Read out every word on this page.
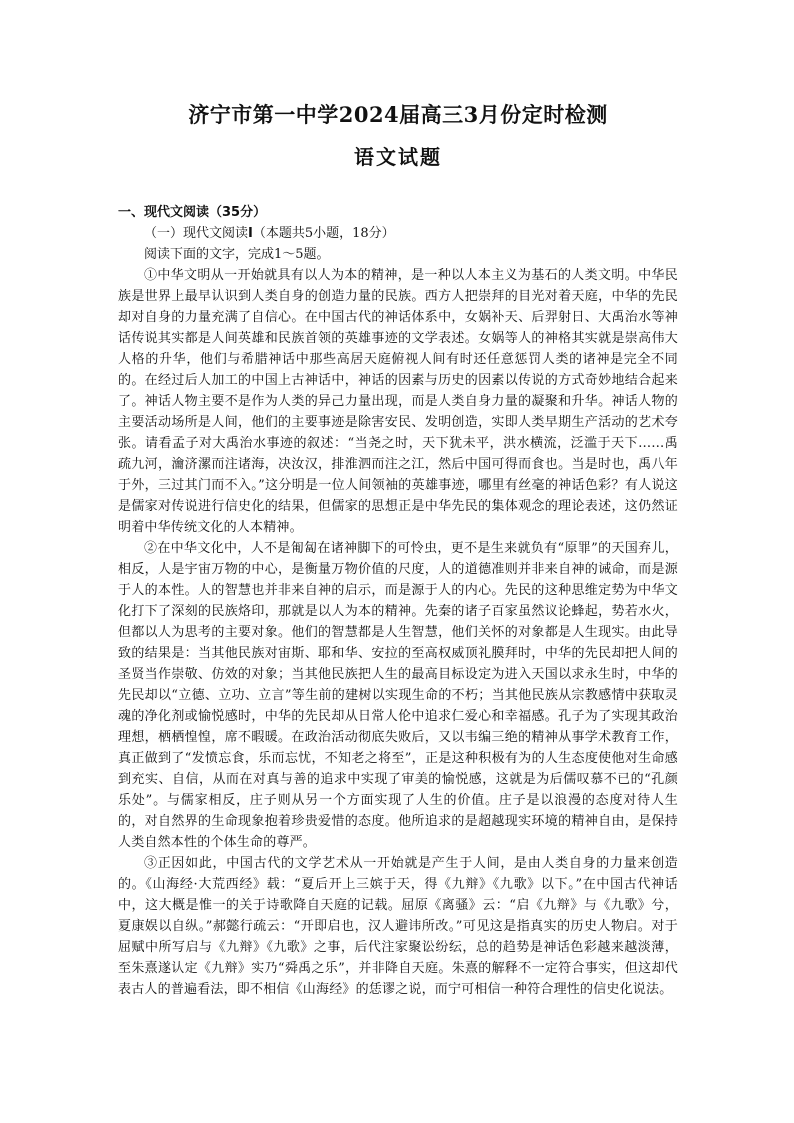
济宁市第一中学2024届高三3月份定时检测
语文试题

一、现代文阅读（35分）

（一）现代文阅读I（本题共5小题，18分）

阅读下面的文字，完成1～5题。

①中华文明从一开始就具有以人为本的精神，是一种以人本主义为基石的人类文明。中华民族是世界上最早认识到人类自身的创造力量的民族。西方人把崇拜的目光对着天庭，中华的先民却对自身的力量充满了自信心。在中国古代的神话体系中，女娲补天、后羿射日、大禹治水等神话传说其实都是人间英雄和民族首领的英雄事迹的文学表述。女娲等人的神格其实就是崇高伟大人格的升华，他们与希腊神话中那些高居天庭俯视人间有时还任意惩罚人类的诸神是完全不同的。在经过后人加工的中国上古神话中，神话的因素与历史的因素以传说的方式奇妙地结合起来了。神话人物主要不是作为人类的异己力量出现，而是人类自身力量的凝聚和升华。神话人物的主要活动场所是人间，他们的主要事迹是除害安民、发明创造，实即人类早期生产活动的艺术夸张。请看孟子对大禹治水事迹的叙述：“当尧之时，天下犹未平，洪水横流，泛滥于天下……禹疏九河，瀹济漯而注诸海，决汝汉，排淮泗而注之江，然后中国可得而食也。当是时也，禹八年于外，三过其门而不入。”这分明是一位人间领袖的英雄事迹，哪里有丝毫的神话色彩？有人说这是儒家对传说进行信史化的结果，但儒家的思想正是中华先民的集体观念的理论表述，这仍然证明着中华传统文化的人本精神。

②在中华文化中，人不是匍匐在诸神脚下的可怜虫，更不是生来就负有“原罪”的天国弃儿，相反，人是宇宙万物的中心，是衡量万物价值的尺度，人的道德准则并非来自神的诫命，而是源于人的本性。人的智慧也并非来自神的启示，而是源于人的内心。先民的这种思维定势为中华文化打下了深刻的民族烙印，那就是以人为本的精神。先秦的诸子百家虽然议论蜂起，势若水火，但都以人为思考的主要对象。他们的智慧都是人生智慧，他们关怀的对象都是人生现实。由此导致的结果是：当其他民族对宙斯、耶和华、安拉的至高权威顶礼膜拜时，中华的先民却把人间的圣贤当作崇敬、仿效的对象；当其他民族把人生的最高目标设定为进入天国以求永生时，中华的先民却以“立德、立功、立言”等生前的建树以实现生命的不朽；当其他民族从宗教感情中获取灵魂的净化剂或愉悦感时，中华的先民却从日常人伦中追求仁爱心和幸福感。孔子为了实现其政治理想，栖栖惶惶，席不暇暖。在政治活动彻底失败后，又以韦编三绝的精神从事学术教育工作，真正做到了“发愤忘食，乐而忘忧，不知老之将至”，正是这种积极有为的人生态度使他对生命感到充实、自信，从而在对真与善的追求中实现了审美的愉悦感，这就是为后儒叹慕不已的“孔颜乐处”。与儒家相反，庄子则从另一个方面实现了人生的价值。庄子是以浪漫的态度对待人生的，对自然界的生命现象抱着珍贵爱惜的态度。他所追求的是超越现实环境的精神自由，是保持人类自然本性的个体生命的尊严。

③正因如此，中国古代的文学艺术从一开始就是产生于人间，是由人类自身的力量来创造的。《山海经·大荒西经》载：“夏后开上三嫔于天，得《九辩》《九歌》以下。”在中国古代神话中，这大概是惟一的关于诗歌降自天庭的记载。屈原《离骚》云：“启《九辩》与《九歌》兮，夏康娱以自纵。”郝懿行疏云：“开即启也，汉人避讳所改。”可见这是指真实的历史人物启。对于屈赋中所写启与《九辩》《九歌》之事，后代注家聚讼纷纭，总的趋势是神话色彩越来越淡薄，至朱熹遂认定《九辩》实乃“舜禹之乐”，并非降自天庭。朱熹的解释不一定符合事实，但这却代表古人的普遍看法，即不相信《山海经》的恁谬之说，而宁可相信一种符合理性的信史化说法。
